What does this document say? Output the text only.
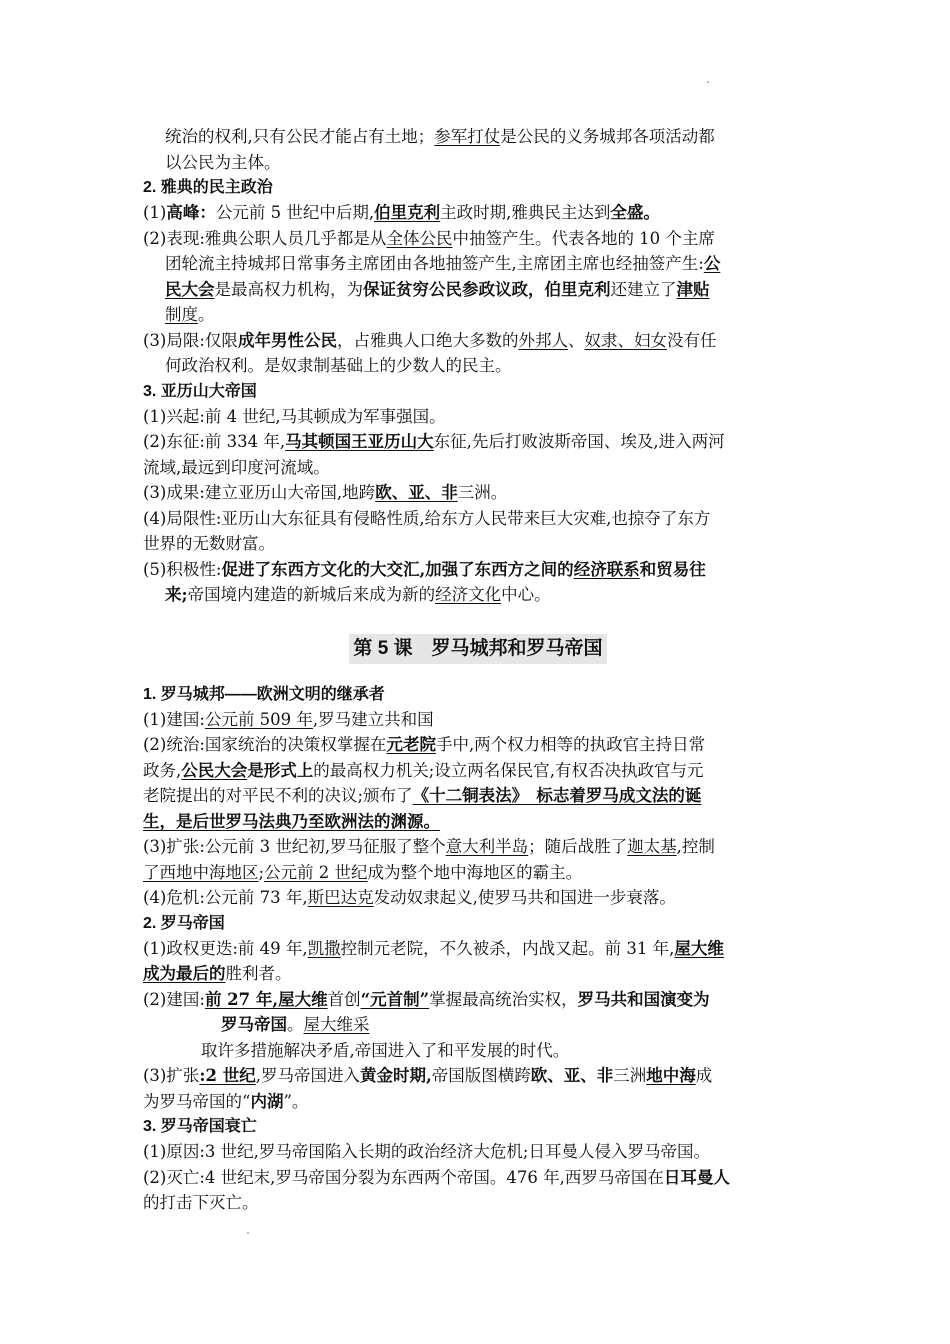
统治的权利,只有公民才能占有土地；参军打仗是公民的义务城邦各项活动都
以公民为主体。
2. 雅典的民主政治
(1)高峰：公元前 5 世纪中后期,伯里克利主政时期,雅典民主达到全盛。
(2)表现:雅典公职人员几乎都是从全体公民中抽签产生。代表各地的 10 个主席
团轮流主持城邦日常事务主席团由各地抽签产生,主席团主席也经抽签产生:公
民大会是最高权力机构，为保证贫穷公民参政议政，伯里克利还建立了津贴
制度。
(3)局限:仅限成年男性公民，占雅典人口绝大多数的外邦人、奴隶、妇女没有任
何政治权利。是奴隶制基础上的少数人的民主。
3. 亚历山大帝国
(1)兴起:前 4 世纪,马其顿成为军事强国。
(2)东征:前 334 年,马其顿国王亚历山大东征,先后打败波斯帝国、埃及,进入两河
流域,最远到印度河流域。
(3)成果:建立亚历山大帝国,地跨欧、亚、非三洲。
(4)局限性:亚历山大东征具有侵略性质,给东方人民带来巨大灾难,也掠夺了东方
世界的无数财富。
(5)积极性:促进了东西方文化的大交汇,加强了东西方之间的经济联系和贸易往
来;帝国境内建造的新城后来成为新的经济文化中心。
第 5 课　罗马城邦和罗马帝国
1. 罗马城邦——欧洲文明的继承者
(1)建国:公元前 509 年,罗马建立共和国
(2)统治:国家统治的决策权掌握在元老院手中,两个权力相等的执政官主持日常
政务,公民大会是形式上的最高权力机关;设立两名保民官,有权否决执政官与元
老院提出的对平民不利的决议;颁布了《十二铜表法》　标志着罗马成文法的诞
生，是后世罗马法典乃至欧洲法的渊源。
(3)扩张:公元前 3 世纪初,罗马征服了整个意大利半岛；随后战胜了迦太基,控制
了西地中海地区;公元前 2 世纪成为整个地中海地区的霸主。
(4)危机:公元前 73 年,斯巴达克发动奴隶起义,使罗马共和国进一步衰落。
2. 罗马帝国
(1)政权更迭:前 49 年,凯撒控制元老院，不久被杀，内战又起。前 31 年,屋大维
成为最后的胜利者。
(2)建国:前 27 年,屋大维首创“元首制”掌握最高统治实权，罗马共和国演变为
罗马帝国。屋大维采
取许多措施解决矛盾,帝国进入了和平发展的时代。
(3)扩张:2 世纪,罗马帝国进入黄金时期,帝国版图横跨欧、亚、非三洲地中海成
为罗马帝国的“内湖”。
3. 罗马帝国衰亡
(1)原因:3 世纪,罗马帝国陷入长期的政治经济大危机;日耳曼人侵入罗马帝国。
(2)灭亡:4 世纪末,罗马帝国分裂为东西两个帝国。476 年,西罗马帝国在日耳曼人
的打击下灭亡。
